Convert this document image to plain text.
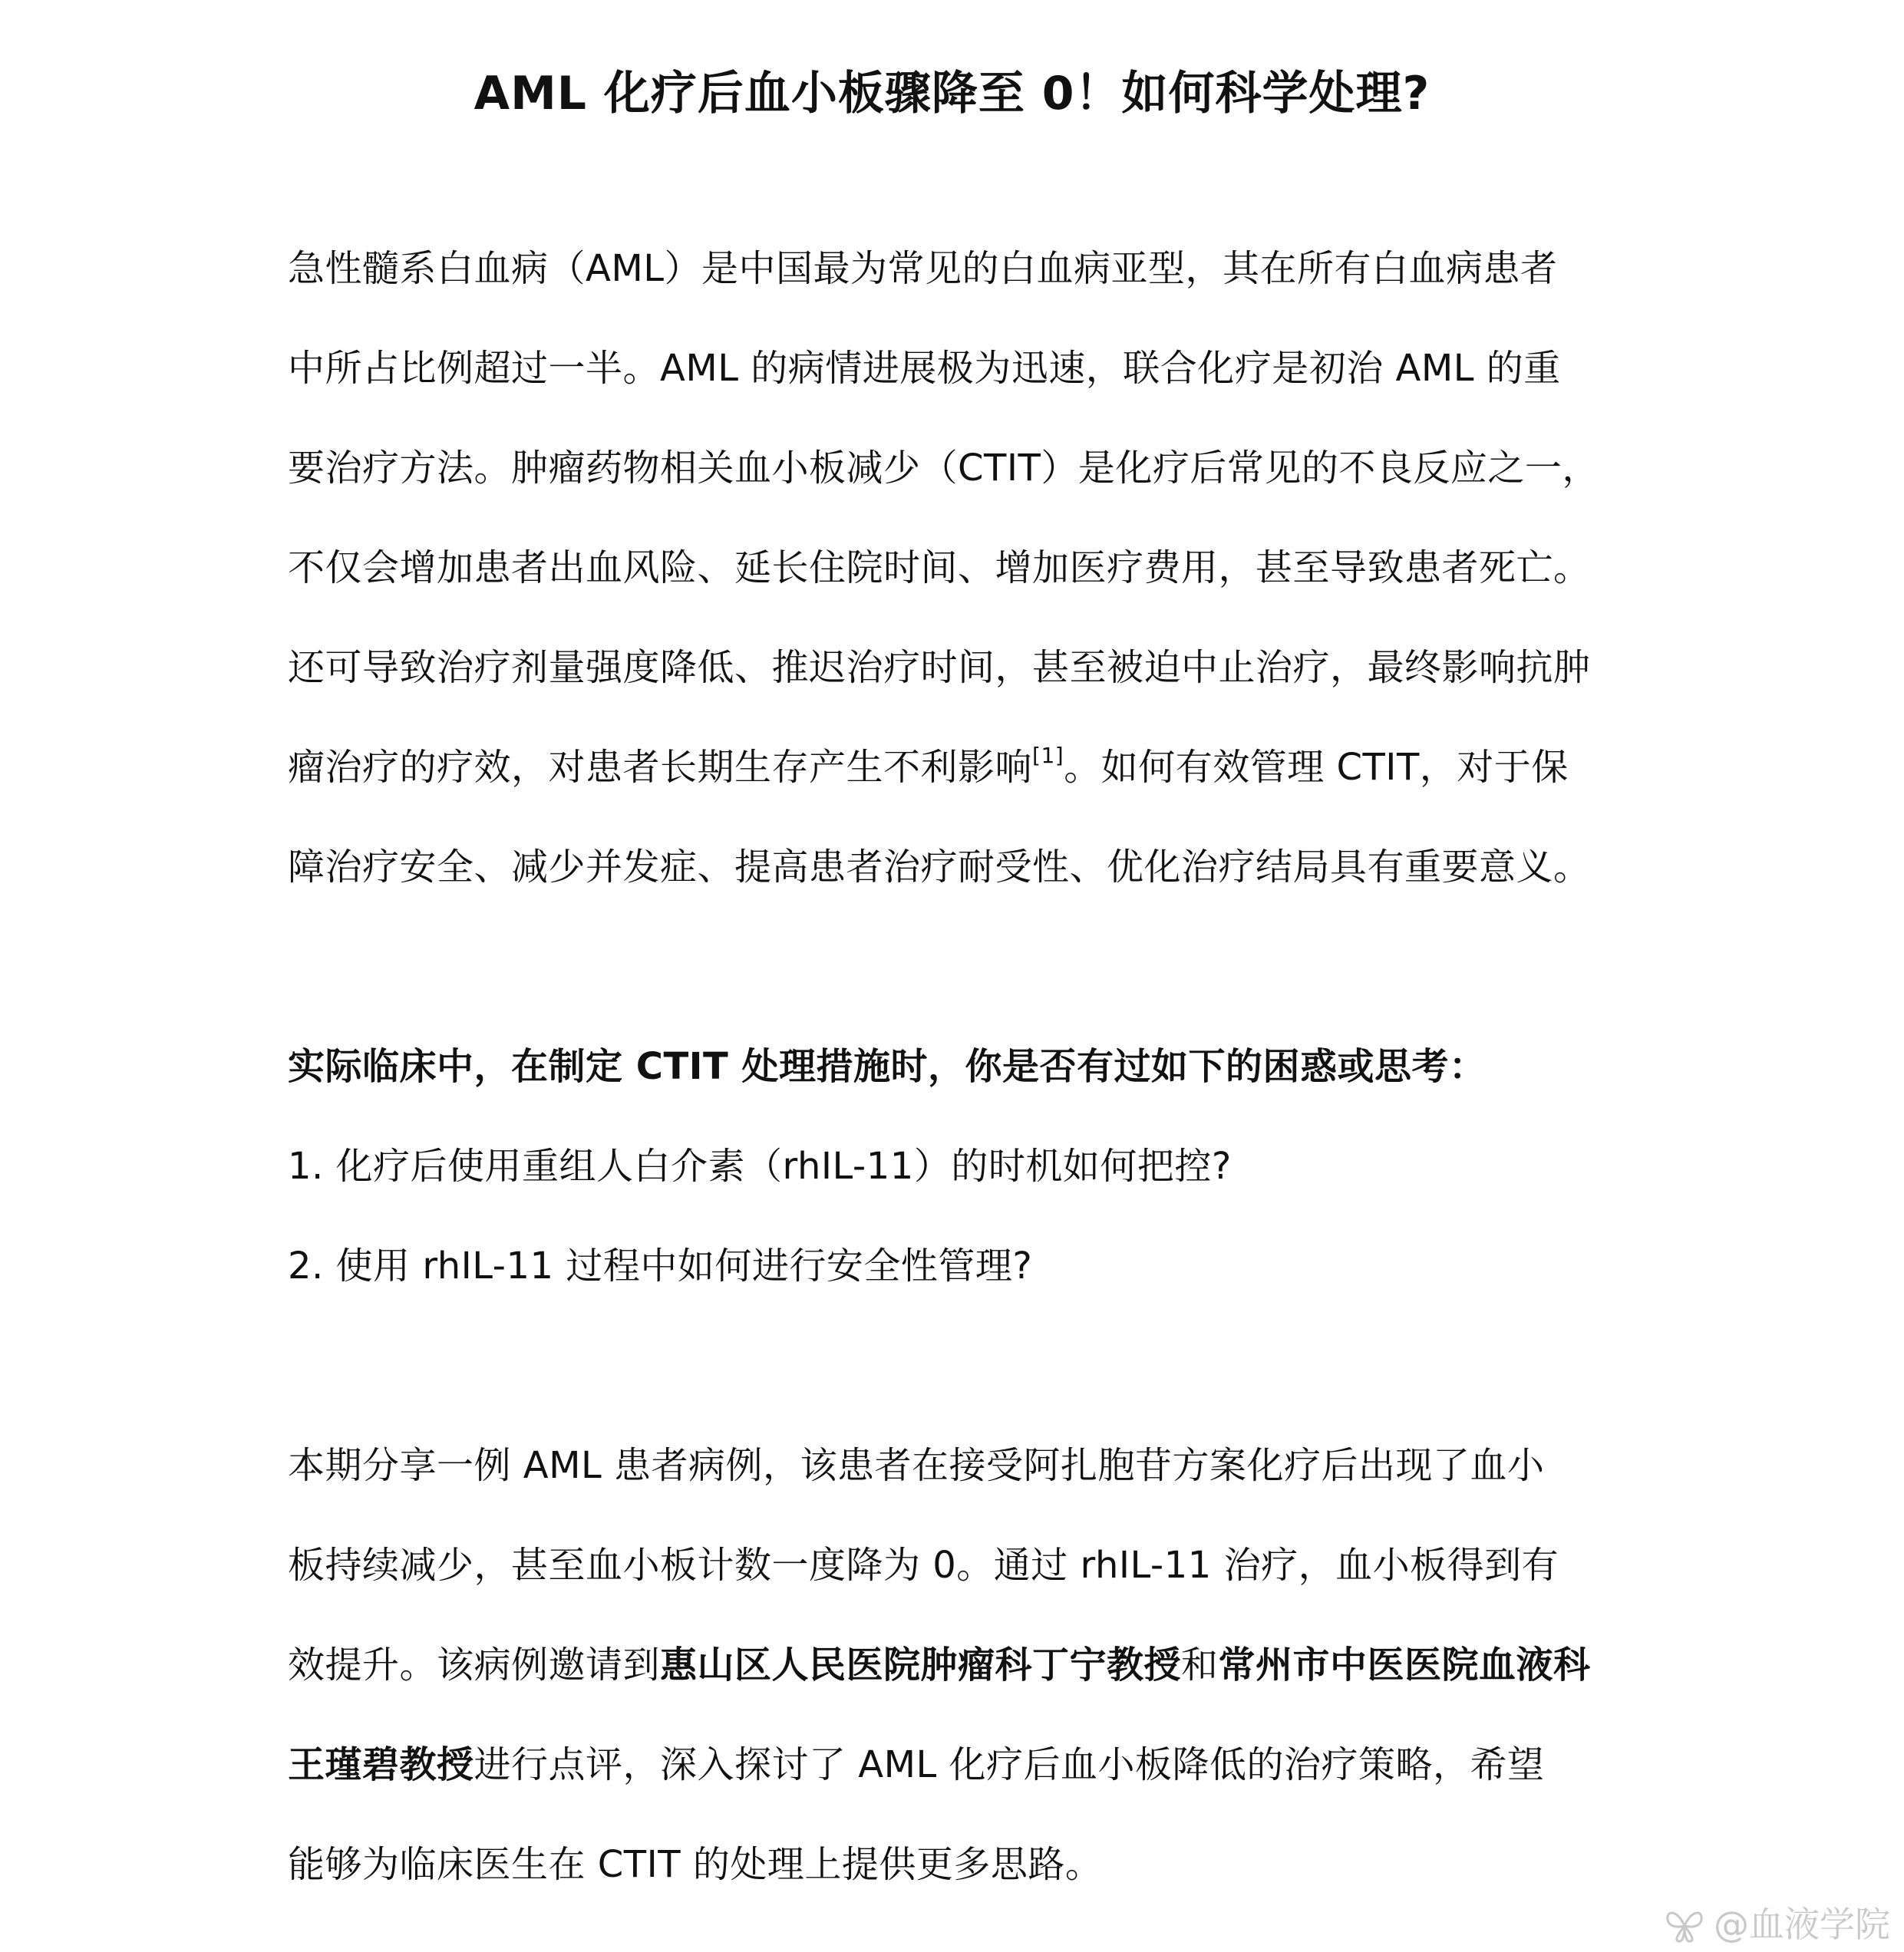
AML 化疗后血小板骤降至 0！如何科学处理?
急性髓系白血病（AML）是中国最为常见的白血病亚型，其在所有白血病患者
中所占比例超过一半。AML 的病情进展极为迅速，联合化疗是初治 AML 的重
要治疗方法。肿瘤药物相关血小板减少（CTIT）是化疗后常见的不良反应之一，
不仅会增加患者出血风险、延长住院时间、增加医疗费用，甚至导致患者死亡。
还可导致治疗剂量强度降低、推迟治疗时间，甚至被迫中止治疗，最终影响抗肿
瘤治疗的疗效，对患者长期生存产生不利影响[1]。如何有效管理 CTIT，对于保
障治疗安全、减少并发症、提高患者治疗耐受性、优化治疗结局具有重要意义。
实际临床中，在制定 CTIT 处理措施时，你是否有过如下的困惑或思考：
1. 化疗后使用重组人白介素（rhIL-11）的时机如何把控?
2. 使用 rhIL-11 过程中如何进行安全性管理?
本期分享一例 AML 患者病例，该患者在接受阿扎胞苷方案化疗后出现了血小
板持续减少，甚至血小板计数一度降为 0。通过 rhIL-11 治疗，血小板得到有
效提升。该病例邀请到惠山区人民医院肿瘤科丁宁教授和常州市中医医院血液科
王瑾碧教授进行点评，深入探讨了 AML 化疗后血小板降低的治疗策略，希望
能够为临床医生在 CTIT 的处理上提供更多思路。
@血液学院
